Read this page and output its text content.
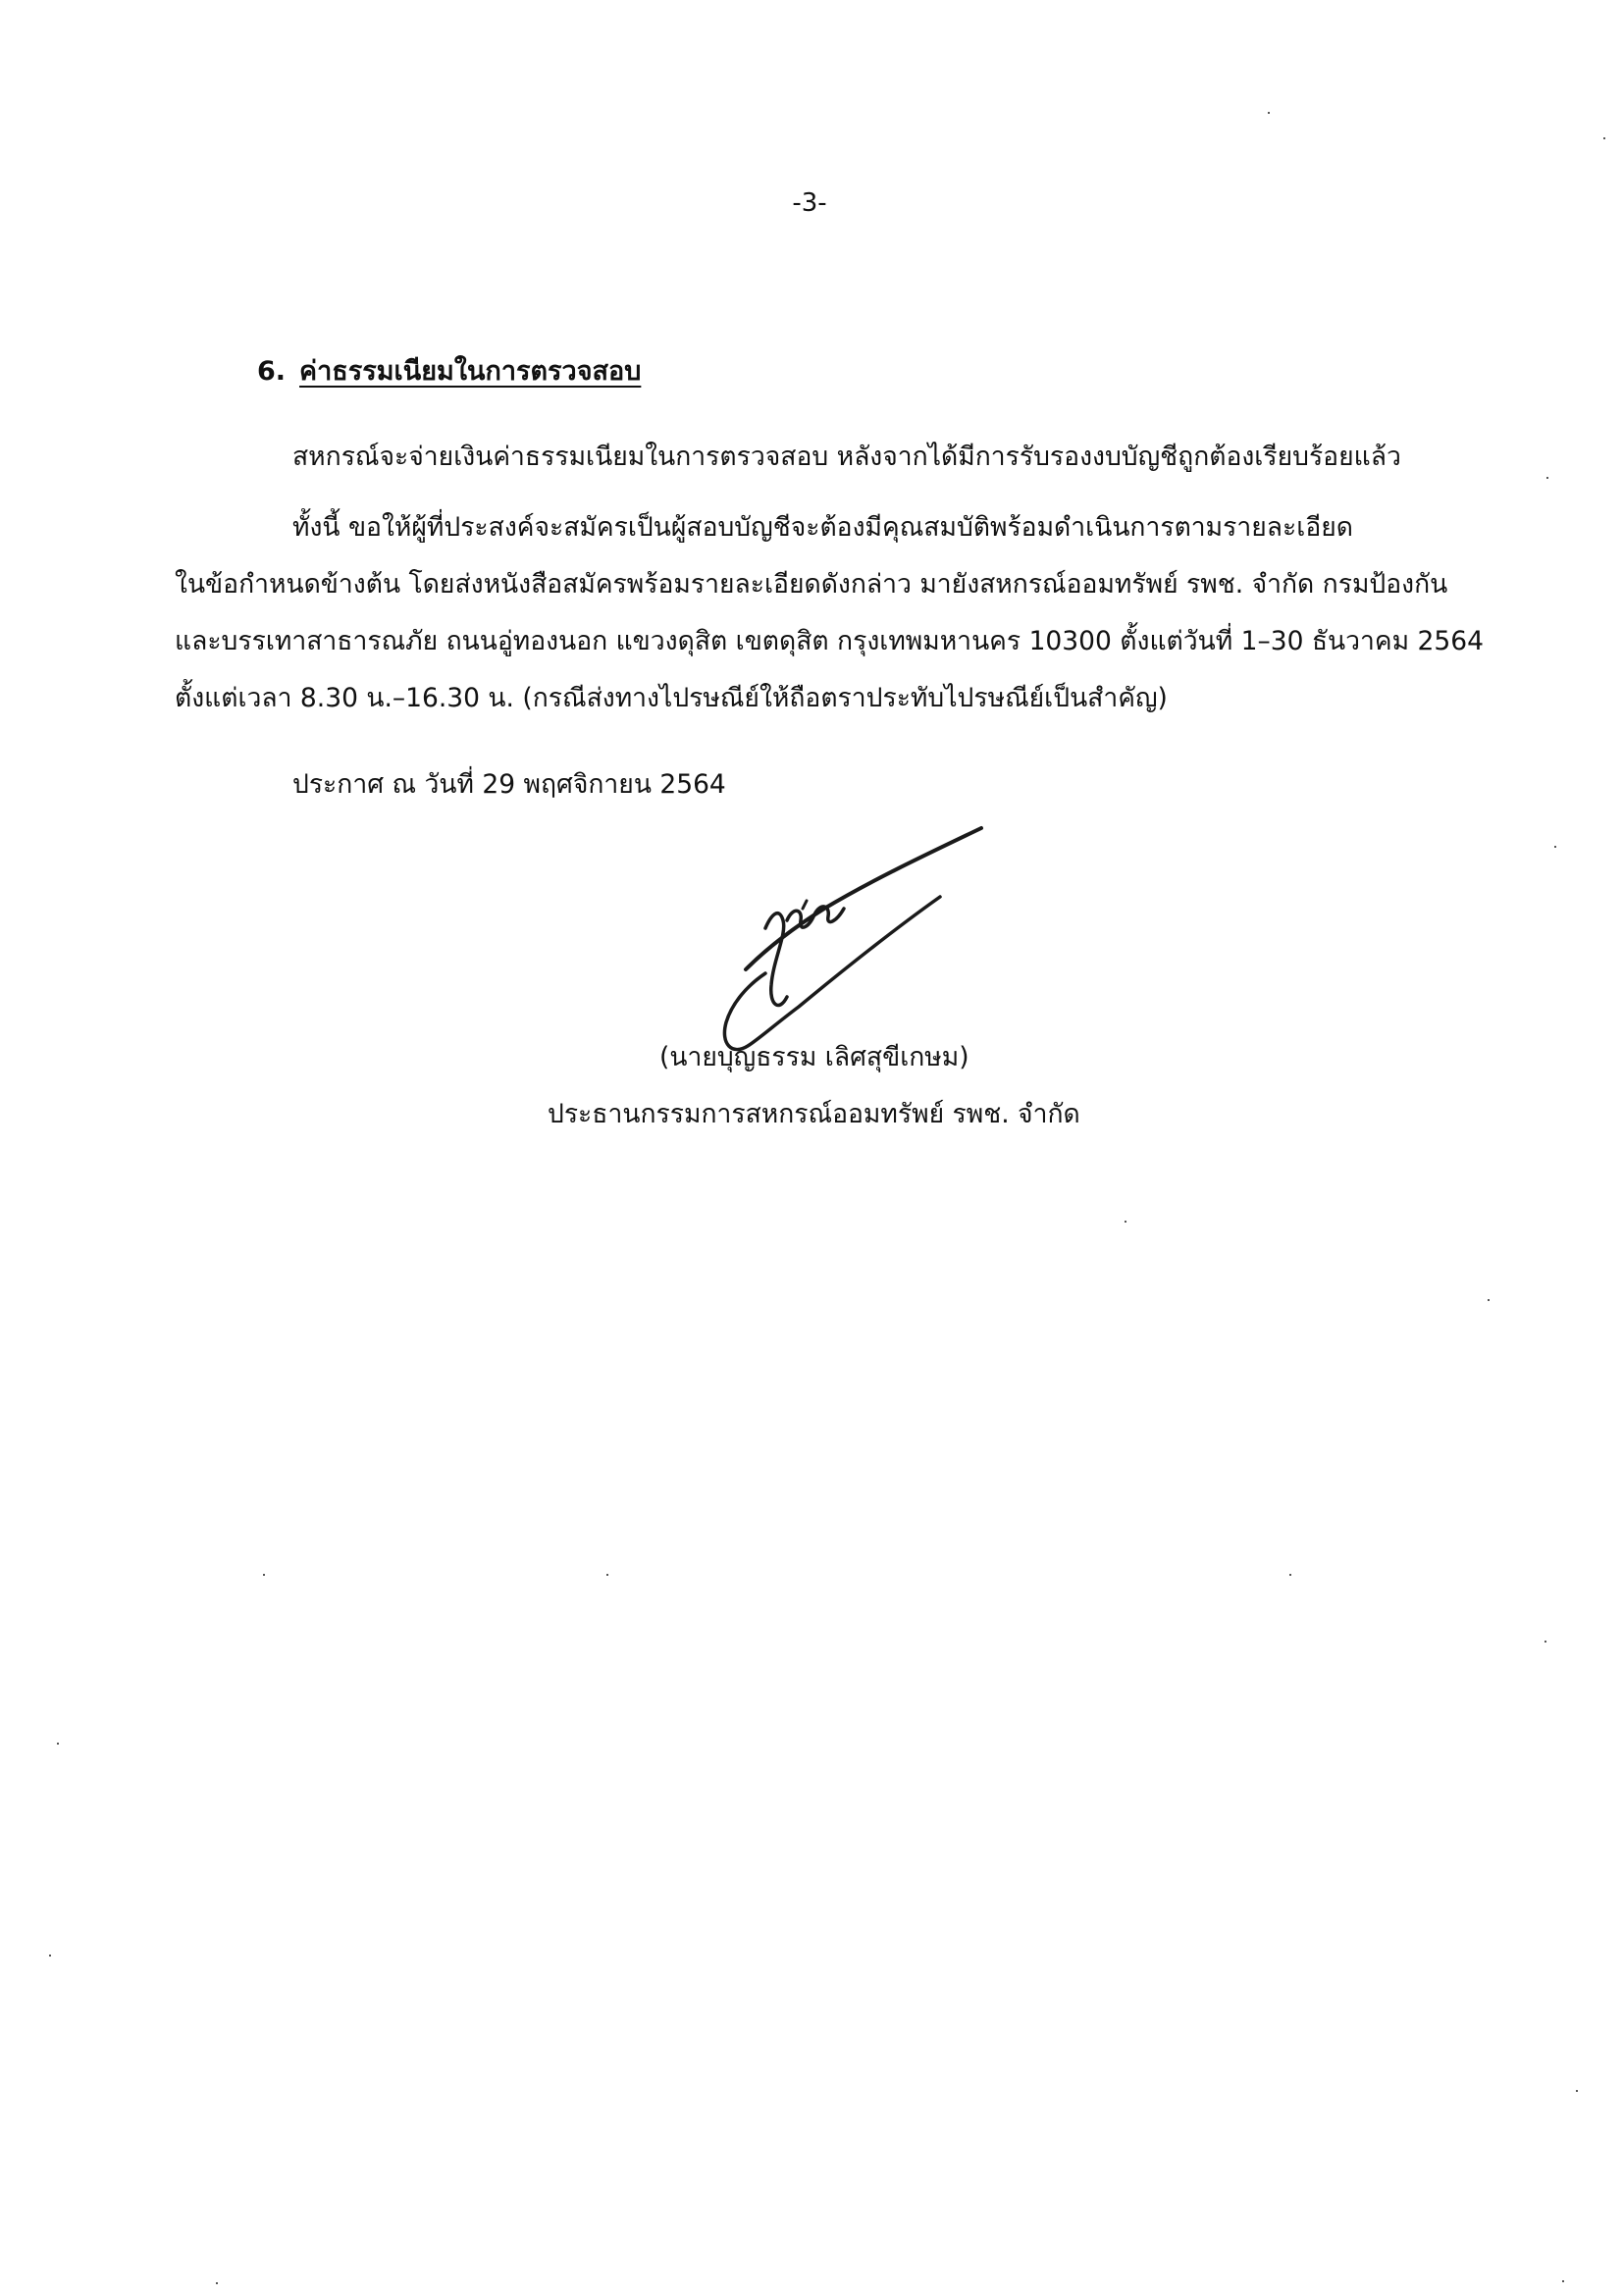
-3-
6. ค่าธรรมเนียมในการตรวจสอบ
สหกรณ์จะจ่ายเงินค่าธรรมเนียมในการตรวจสอบ หลังจากได้มีการรับรองงบบัญชีถูกต้องเรียบร้อยแล้ว
ทั้งนี้ ขอให้ผู้ที่ประสงค์จะสมัครเป็นผู้สอบบัญชีจะต้องมีคุณสมบัติพร้อมดำเนินการตามรายละเอียด
ในข้อกำหนดข้างต้น โดยส่งหนังสือสมัครพร้อมรายละเอียดดังกล่าว มายังสหกรณ์ออมทรัพย์ รพช. จำกัด กรมป้องกัน
และบรรเทาสาธารณภัย ถนนอู่ทองนอก แขวงดุสิต เขตดุสิต กรุงเทพมหานคร 10300 ตั้งแต่วันที่ 1–30 ธันวาคม 2564
ตั้งแต่เวลา 8.30 น.–16.30 น. (กรณีส่งทางไปรษณีย์ให้ถือตราประทับไปรษณีย์เป็นสำคัญ)
ประกาศ ณ วันที่ 29 พฤศจิกายน 2564
(นายบุญธรรม เลิศสุขีเกษม)
ประธานกรรมการสหกรณ์ออมทรัพย์ รพช. จำกัด
